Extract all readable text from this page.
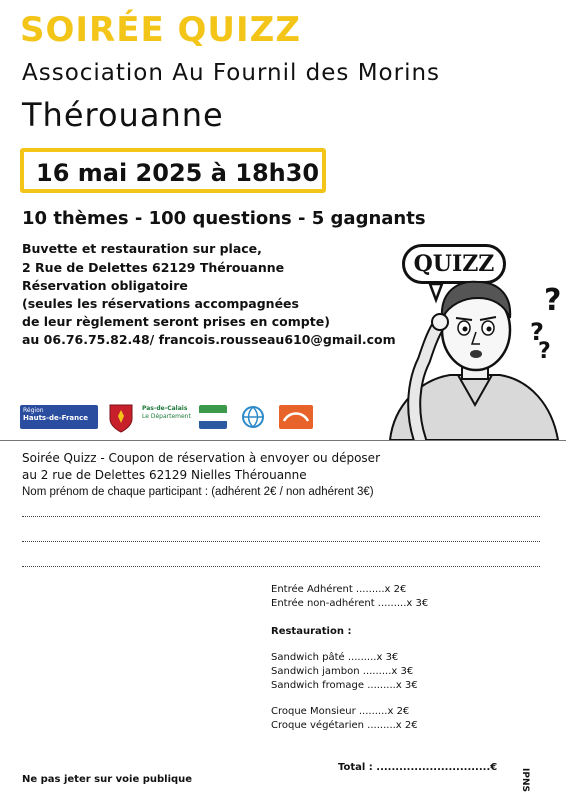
SOIRÉE QUIZZ
Association Au Fournil des Morins
Thérouanne
16 mai 2025 à 18h30
10 thèmes - 100 questions - 5 gagnants
Buvette et restauration sur place,
2 Rue de Delettes 62129 Thérouanne
Réservation obligatoire
(seules les réservations accompagnées
de leur règlement seront prises en compte)
au 06.76.75.82.48/ francois.rousseau610@gmail.com
QUIZZ
?
?
?
Région
Hauts-de-France
Pas-de-Calais
Le Département
Soirée Quizz - Coupon de réservation à envoyer ou déposer
au 2 rue de Delettes 62129 Nielles Thérouanne
Nom prénom de chaque participant : (adhérent 2€ / non adhérent 3€)
Entrée Adhérent .........x 2€
Entrée non-adhérent .........x 3€
Restauration :
Sandwich pâté .........x 3€
Sandwich jambon .........x 3€
Sandwich fromage .........x 3€
Croque Monsieur .........x 2€
Croque végétarien .........x 2€
Total : ..............................€
Ne pas jeter sur voie publique	IPNS
